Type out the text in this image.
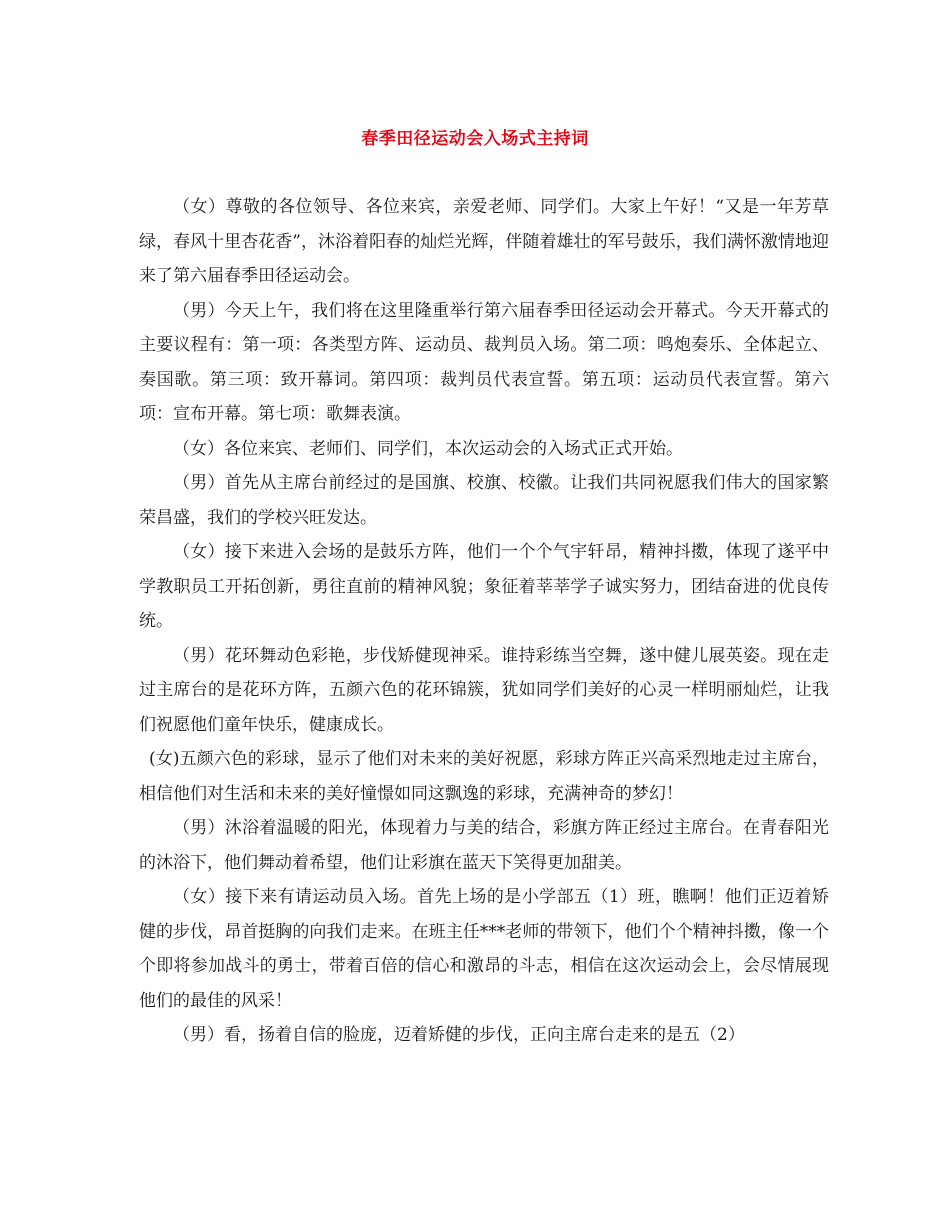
春季田径运动会入场式主持词

（女）尊敬的各位领导、各位来宾，亲爱老师、同学们。大家上午好！“又是一年芳草绿，春风十里杏花香”，沐浴着阳春的灿烂光辉，伴随着雄壮的军号鼓乐，我们满怀激情地迎来了第六届春季田径运动会。

（男）今天上午，我们将在这里隆重举行第六届春季田径运动会开幕式。今天开幕式的主要议程有：第一项：各类型方阵、运动员、裁判员入场。第二项：鸣炮奏乐、全体起立、奏国歌。第三项：致开幕词。第四项：裁判员代表宣誓。第五项：运动员代表宣誓。第六项：宣布开幕。第七项：歌舞表演。

（女）各位来宾、老师们、同学们，本次运动会的入场式正式开始。

（男）首先从主席台前经过的是国旗、校旗、校徽。让我们共同祝愿我们伟大的国家繁荣昌盛，我们的学校兴旺发达。

（女）接下来进入会场的是鼓乐方阵，他们一个个气宇轩昂，精神抖擞，体现了遂平中学教职员工开拓创新，勇往直前的精神风貌；象征着莘莘学子诚实努力，团结奋进的优良传统。

（男）花环舞动色彩艳，步伐矫健现神采。谁持彩练当空舞，遂中健儿展英姿。现在走过主席台的是花环方阵，五颜六色的花环锦簇，犹如同学们美好的心灵一样明丽灿烂，让我们祝愿他们童年快乐，健康成长。

(女)五颜六色的彩球，显示了他们对未来的美好祝愿，彩球方阵正兴高采烈地走过主席台，相信他们对生活和未来的美好憧憬如同这飘逸的彩球，充满神奇的梦幻！

（男）沐浴着温暖的阳光，体现着力与美的结合，彩旗方阵正经过主席台。在青春阳光的沐浴下，他们舞动着希望，他们让彩旗在蓝天下笑得更加甜美。

（女）接下来有请运动员入场。首先上场的是小学部五（1）班，瞧啊！他们正迈着矫健的步伐，昂首挺胸的向我们走来。在班主任***老师的带领下，他们个个精神抖擞，像一个个即将参加战斗的勇士，带着百倍的信心和激昂的斗志，相信在这次运动会上，会尽情展现他们的最佳的风采！

（男）看，扬着自信的脸庞，迈着矫健的步伐，正向主席台走来的是五（2）
